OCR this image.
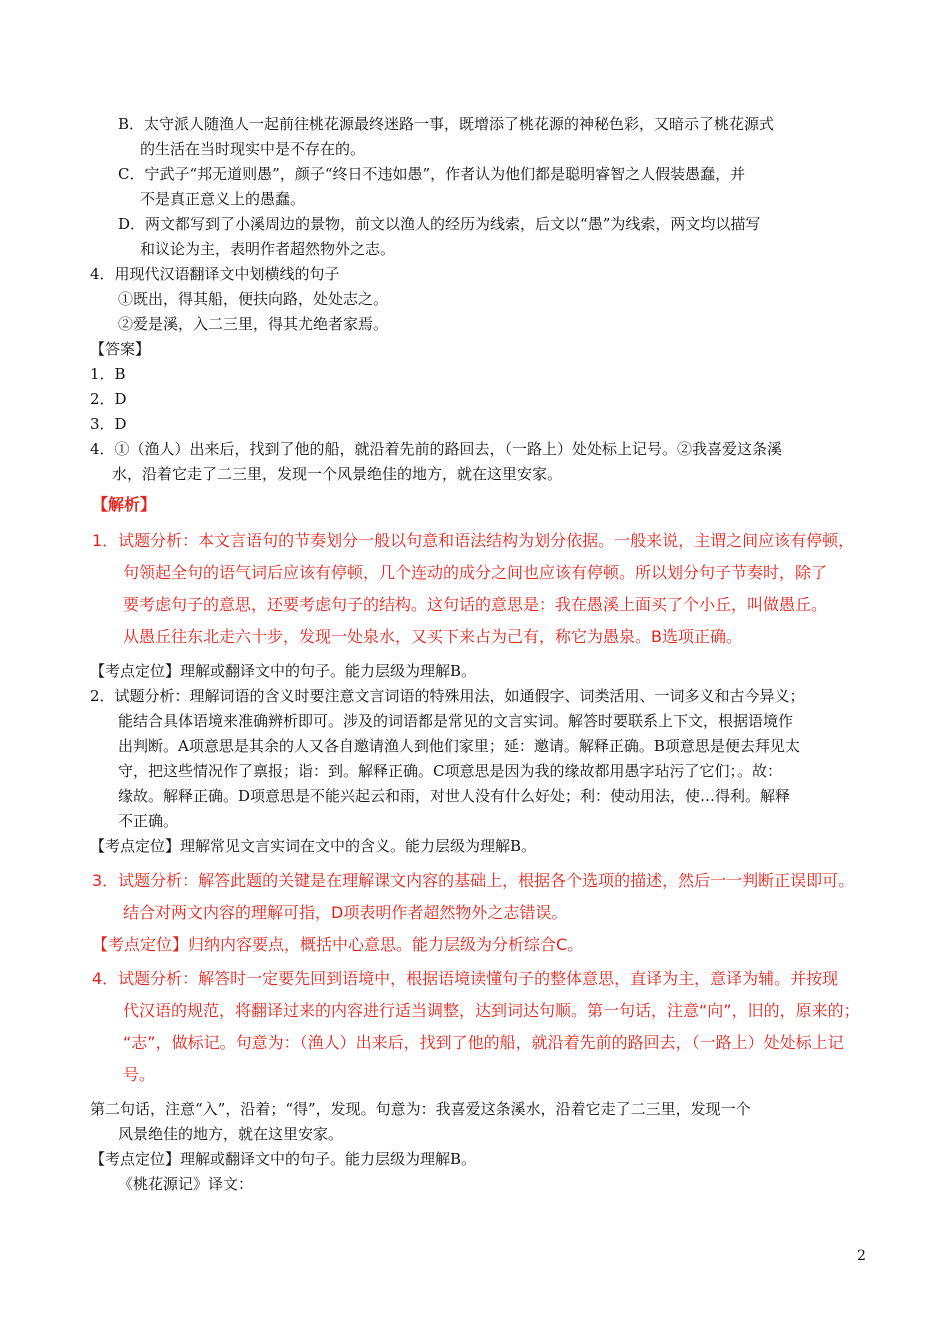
B．太守派人随渔人一起前往桃花源最终迷路一事，既增添了桃花源的神秘色彩，又暗示了桃花源式
的生活在当时现实中是不存在的。
C．宁武子“邦无道则愚”，颜子“终日不违如愚”，作者认为他们都是聪明睿智之人假装愚蠢，并
不是真正意义上的愚蠢。
D．两文都写到了小溪周边的景物，前文以渔人的经历为线索，后文以“愚”为线索，两文均以描写
和议论为主，表明作者超然物外之志。
4．用现代汉语翻译文中划横线的句子
①既出，得其船，便扶向路，处处志之。
②爱是溪，入二三里，得其尤绝者家焉。
【答案】
1．B
2．D
3．D
4．①（渔人）出来后，找到了他的船，就沿着先前的路回去，（一路上）处处标上记号。②我喜爱这条溪
水，沿着它走了二三里，发现一个风景绝佳的地方，就在这里安家。
【解析】
1．试题分析：本文言语句的节奏划分一般以句意和语法结构为划分依据。一般来说，主谓之间应该有停顿，
句领起全句的语气词后应该有停顿，几个连动的成分之间也应该有停顿。所以划分句子节奏时，除了
要考虑句子的意思，还要考虑句子的结构。这句话的意思是：我在愚溪上面买了个小丘，叫做愚丘。
从愚丘往东北走六十步，发现一处泉水，又买下来占为己有，称它为愚泉。B选项正确。
【考点定位】理解或翻译文中的句子。能力层级为理解B。
2．试题分析：理解词语的含义时要注意文言词语的特殊用法，如通假字、词类活用、一词多义和古今异义；
能结合具体语境来准确辨析即可。涉及的词语都是常见的文言实词。解答时要联系上下文，根据语境作
出判断。A项意思是其余的人又各自邀请渔人到他们家里；延：邀请。解释正确。B项意思是便去拜见太
守，把这些情况作了禀报；诣：到。解释正确。C项意思是因为我的缘故都用愚字玷污了它们；。故：
缘故。解释正确。D项意思是不能兴起云和雨，对世人没有什么好处；利：使动用法，使…得利。解释
不正确。
【考点定位】理解常见文言实词在文中的含义。能力层级为理解B。
3．试题分析：解答此题的关键是在理解课文内容的基础上，根据各个选项的描述，然后一一判断正误即可。
结合对两文内容的理解可指，D项表明作者超然物外之志错误。
【考点定位】归纳内容要点，概括中心意思。能力层级为分析综合C。
4．试题分析：解答时一定要先回到语境中，根据语境读懂句子的整体意思，直译为主，意译为辅。并按现
代汉语的规范，将翻译过来的内容进行适当调整，达到词达句顺。第一句话，注意“向”，旧的，原来的；
“志”，做标记。句意为：（渔人）出来后，找到了他的船，就沿着先前的路回去，（一路上）处处标上记
号。
第二句话，注意“入”，沿着；“得”，发现。句意为：我喜爱这条溪水，沿着它走了二三里，发现一个
风景绝佳的地方，就在这里安家。
【考点定位】理解或翻译文中的句子。能力层级为理解B。
《桃花源记》译文：
2
